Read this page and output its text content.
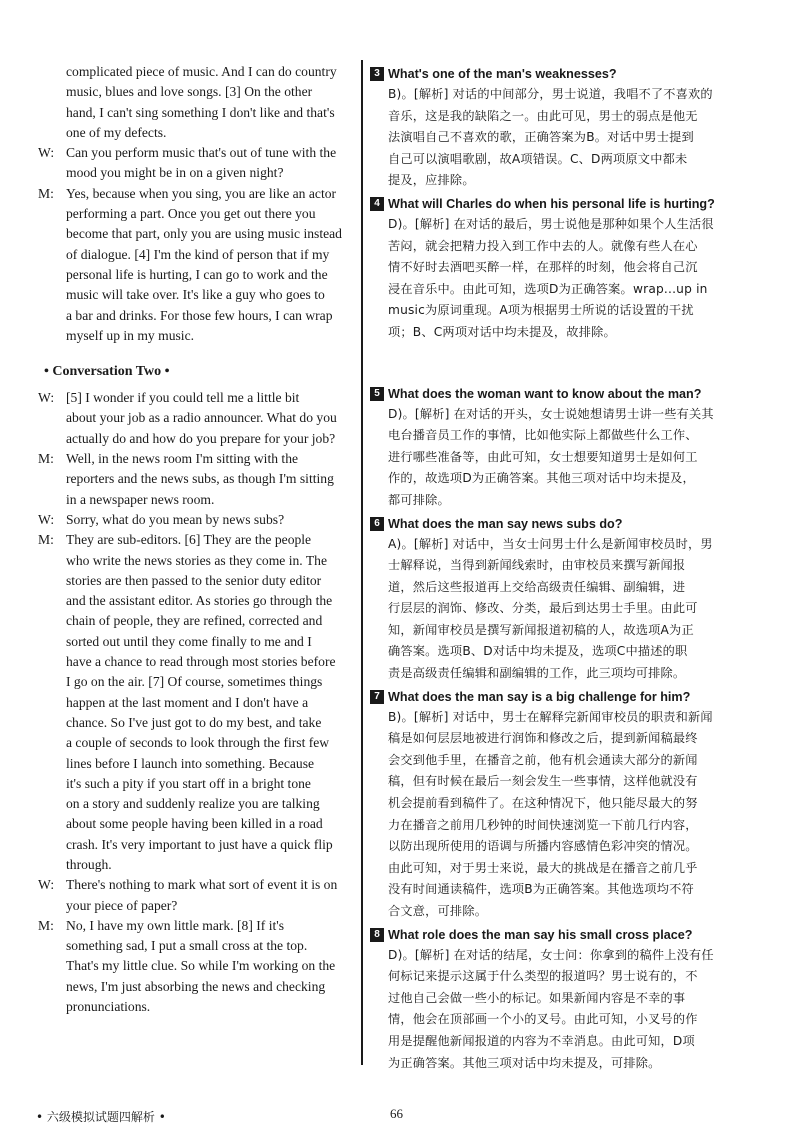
complicated piece of music. And I can do country
music, blues and love songs. [3] On the other
hand, I can't sing something I don't like and that's
one of my defects.
W: Can you perform music that's out of tune with the
mood you might be in on a given night?
M: Yes, because when you sing, you are like an actor
performing a part. Once you get out there you
become that part, only you are using music instead
of dialogue. [4] I'm the kind of person that if my
personal life is hurting, I can go to work and the
music will take over. It's like a guy who goes to
a bar and drinks. For those few hours, I can wrap
myself up in my music.
• Conversation Two •
W: [5] I wonder if you could tell me a little bit
about your job as a radio announcer. What do you
actually do and how do you prepare for your job?
M: Well, in the news room I'm sitting with the
reporters and the news subs, as though I'm sitting
in a newspaper news room.
W: Sorry, what do you mean by news subs?
M: They are sub-editors. [6] They are the people
who write the news stories as they come in. The
stories are then passed to the senior duty editor
and the assistant editor. As stories go through the
chain of people, they are refined, corrected and
sorted out until they come finally to me and I
have a chance to read through most stories before
I go on the air. [7] Of course, sometimes things
happen at the last moment and I don't have a
chance. So I've just got to do my best, and take
a couple of seconds to look through the first few
lines before I launch into something. Because
it's such a pity if you start off in a bright tone
on a story and suddenly realize you are talking
about some people having been killed in a road
crash. It's very important to just have a quick flip
through.
W: There's nothing to mark what sort of event it is on
your piece of paper?
M: No, I have my own little mark. [8] If it's
something sad, I put a small cross at the top.
That's my little clue. So while I'm working on the
news, I'm just absorbing the news and checking
pronunciations.
3 What's one of the man's weaknesses?
B)。[解析] 对话的中间部分，男士说道，我唱不了不喜欢的
音乐，这是我的缺陷之一。由此可见，男士的弱点是他无
法演唱自己不喜欢的歌，正确答案为B。对话中男士提到
自己可以演唱歌剧，故A项错误。C、D两项原文中都未
提及，应排除。
4 What will Charles do when his personal life is hurting?
D)。[解析] 在对话的最后，男士说他是那种如果个人生活很
苦闷，就会把精力投入到工作中去的人。就像有些人在心
情不好时去酒吧买醉一样，在那样的时刻，他会将自己沉
浸在音乐中。由此可知，选项D为正确答案。wrap...up in
music为原词重现。A项为根据男士所说的话设置的干扰
项；B、C两项对话中均未提及，故排除。
5 What does the woman want to know about the man?
D)。[解析] 在对话的开头，女士说她想请男士讲一些有关其
电台播音员工作的事情，比如他实际上都做些什么工作、
进行哪些准备等，由此可知，女士想要知道男士是如何工
作的，故选项D为正确答案。其他三项对话中均未提及，
都可排除。
6 What does the man say news subs do?
A)。[解析] 对话中，当女士问男士什么是新闻审校员时，男
士解释说，当得到新闻线索时，由审校员来撰写新闻报
道，然后这些报道再上交给高级责任编辑、副编辑，进
行层层的润饰、修改、分类，最后到达男士手里。由此可
知，新闻审校员是撰写新闻报道初稿的人，故选项A为正
确答案。选项B、D对话中均未提及，选项C中描述的职
责是高级责任编辑和副编辑的工作，此三项均可排除。
7 What does the man say is a big challenge for him?
B)。[解析] 对话中，男士在解释完新闻审校员的职责和新闻
稿是如何层层地被进行润饰和修改之后，提到新闻稿最终
会交到他手里，在播音之前，他有机会通读大部分的新闻
稿，但有时候在最后一刻会发生一些事情，这样他就没有
机会提前看到稿件了。在这种情况下，他只能尽最大的努
力在播音之前用几秒钟的时间快速浏览一下前几行内容，
以防出现所使用的语调与所播内容感情色彩冲突的情况。
由此可知，对于男士来说，最大的挑战是在播音之前几乎
没有时间通读稿件，选项B为正确答案。其他选项均不符
合文意，可排除。
8 What role does the man say his small cross place?
D)。[解析] 在对话的结尾，女士问：你拿到的稿件上没有任
何标记来提示这属于什么类型的报道吗？男士说有的，不
过他自己会做一些小的标记。如果新闻内容是不幸的事
情，他会在顶部画一个小的叉号。由此可知，小叉号的作
用是提醒他新闻报道的内容为不幸消息。由此可知，D项
为正确答案。其他三项对话中均未提及，可排除。
• 六级模拟试题四解析 •	66
